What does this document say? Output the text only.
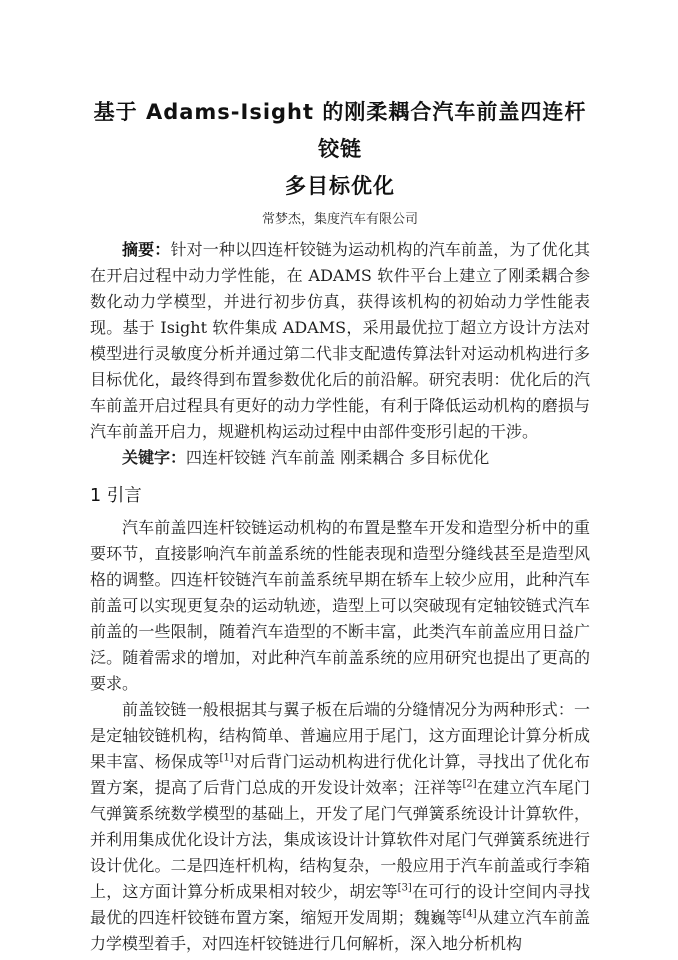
基于 Adams-Isight 的刚柔耦合汽车前盖四连杆铰链
多目标优化
常梦杰，集度汽车有限公司

摘要：针对一种以四连杆铰链为运动机构的汽车前盖，为了优化其在开启过程中动力学性能，在 ADAMS 软件平台上建立了刚柔耦合参数化动力学模型，并进行初步仿真，获得该机构的初始动力学性能表现。基于 Isight 软件集成 ADAMS，采用最优拉丁超立方设计方法对模型进行灵敏度分析并通过第二代非支配遗传算法针对运动机构进行多目标优化，最终得到布置参数优化后的前沿解。研究表明：优化后的汽车前盖开启过程具有更好的动力学性能，有利于降低运动机构的磨损与汽车前盖开启力，规避机构运动过程中由部件变形引起的干涉。

关键字：四连杆铰链 汽车前盖 刚柔耦合 多目标优化

1 引言

汽车前盖四连杆铰链运动机构的布置是整车开发和造型分析中的重要环节，直接影响汽车前盖系统的性能表现和造型分缝线甚至是造型风格的调整。四连杆铰链汽车前盖系统早期在轿车上较少应用，此种汽车前盖可以实现更复杂的运动轨迹，造型上可以突破现有定轴铰链式汽车前盖的一些限制，随着汽车造型的不断丰富，此类汽车前盖应用日益广泛。随着需求的增加，对此种汽车前盖系统的应用研究也提出了更高的要求。

前盖铰链一般根据其与翼子板在后端的分缝情况分为两种形式：一是定轴铰链机构，结构简单、普遍应用于尾门，这方面理论计算分析成果丰富、杨保成等[1]对后背门运动机构进行优化计算，寻找出了优化布置方案，提高了后背门总成的开发设计效率；汪祥等[2]在建立汽车尾门气弹簧系统数学模型的基础上，开发了尾门气弹簧系统设计计算软件，并利用集成优化设计方法，集成该设计计算软件对尾门气弹簧系统进行设计优化。二是四连杆机构，结构复杂，一般应用于汽车前盖或行李箱上，这方面计算分析成果相对较少，胡宏等[3]在可行的设计空间内寻找最优的四连杆铰链布置方案，缩短开发周期；魏巍等[4]从建立汽车前盖力学模型着手，对四连杆铰链进行几何解析，深入地分析机构
